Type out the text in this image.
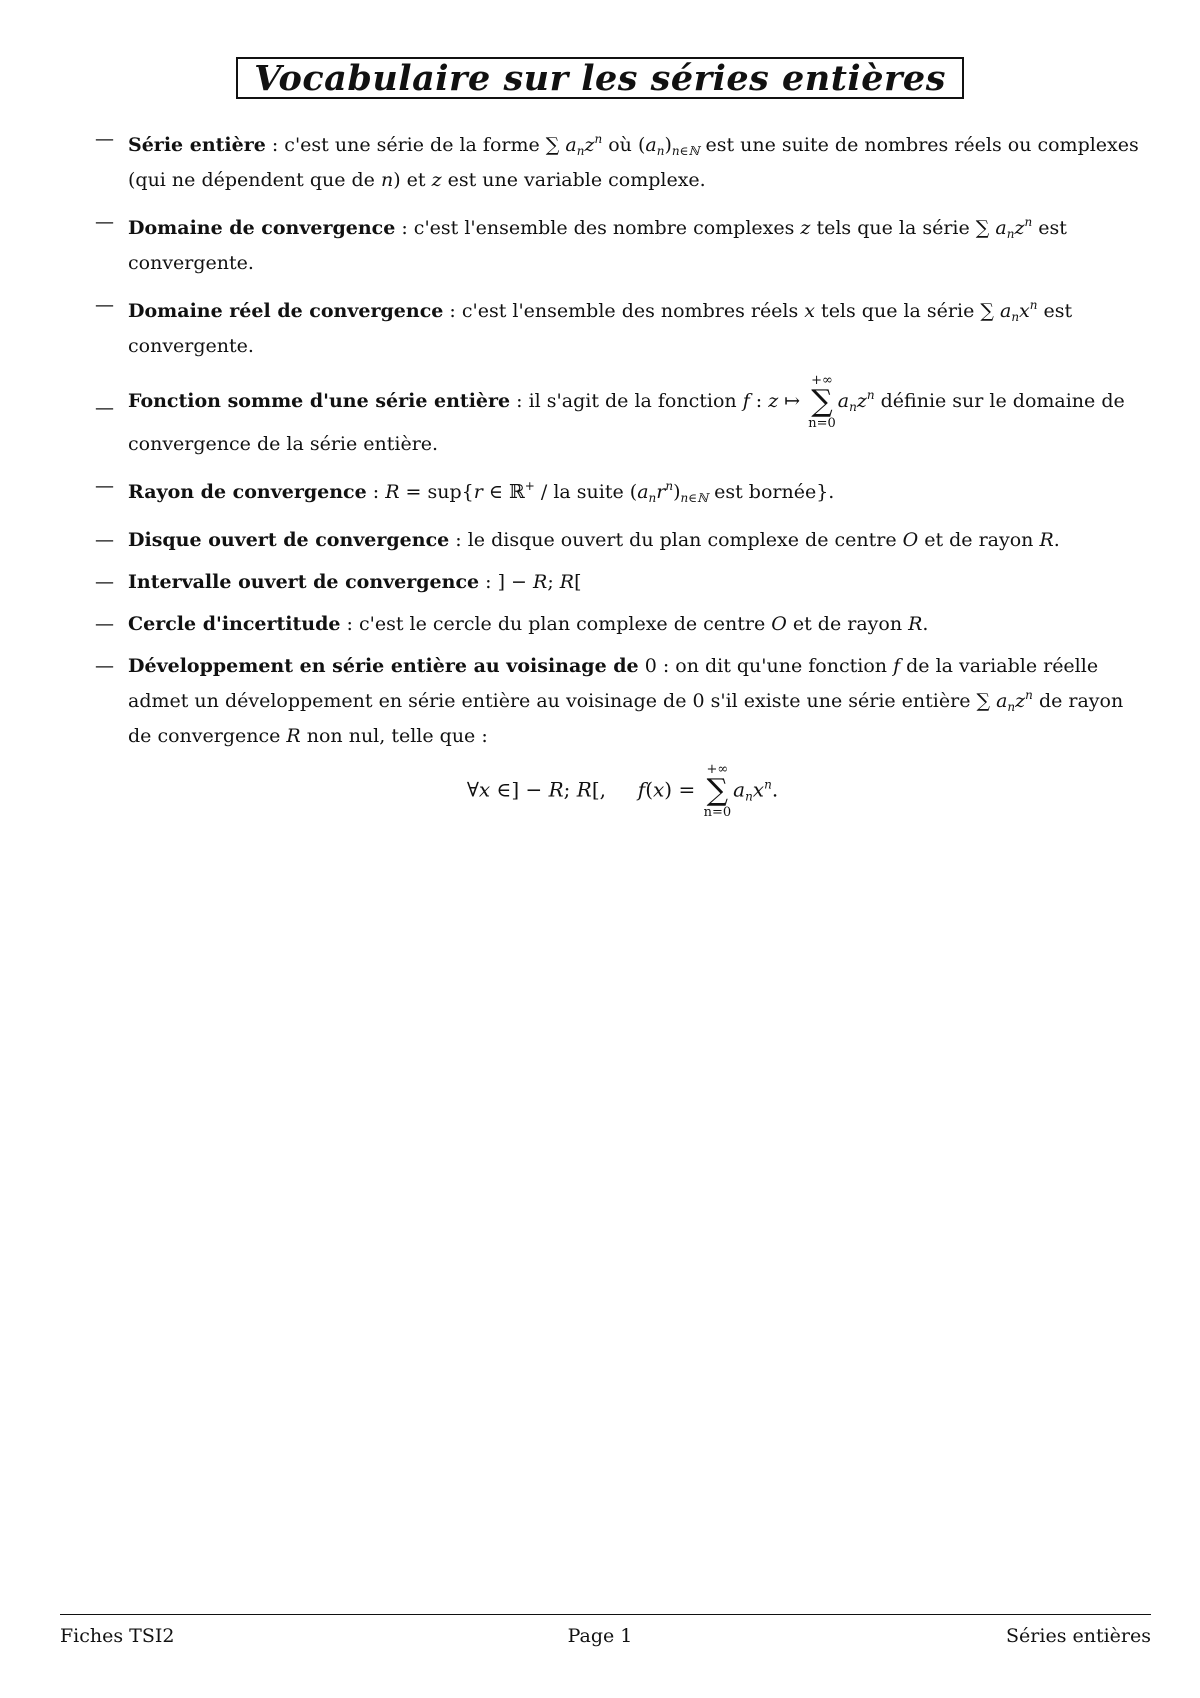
Vocabulaire sur les séries entières
— Série entière : c'est une série de la forme ∑ $a_nz^n$ où $(a_n)_{n\in ℕ}$ est une suite de nombres réels ou complexes (qui ne dépendent que de n) et z est une variable complexe.
— Domaine de convergence : c'est l'ensemble des nombre complexes z tels que la série ∑ $a_nz^n$ est convergente.
— Domaine réel de convergence : c'est l'ensemble des nombres réels x tels que la série ∑ $a_nx^n$ est convergente.
— Fonction somme d'une série entière : il s'agit de la fonction f : z ↦
+∞
∑
n=0
$a_nz^n$ définie sur le domaine de convergence de la série entière.
— Rayon de convergence : R = sup{r ∈ ℝ+ / la suite $(a_nr^n)_{n\in ℕ}$ est bornée}.
— Disque ouvert de convergence : le disque ouvert du plan complexe de centre O et de rayon R.
— Intervalle ouvert de convergence : ] − R; R[
— Cercle d'incertitude : c'est le cercle du plan complexe de centre O et de rayon R.
— Développement en série entière au voisinage de 0 : on dit qu'une fonction f de la variable réelle admet un développement en série entière au voisinage de 0 s'il existe une série entière ∑ $a_nz^n$ de rayon de convergence R non nul, telle que :
∀x ∈] − R; R[,     f(x) =
+∞
∑
n=0
$a_nx^n$.
Fiches TSI2	Page 1	Séries entières
